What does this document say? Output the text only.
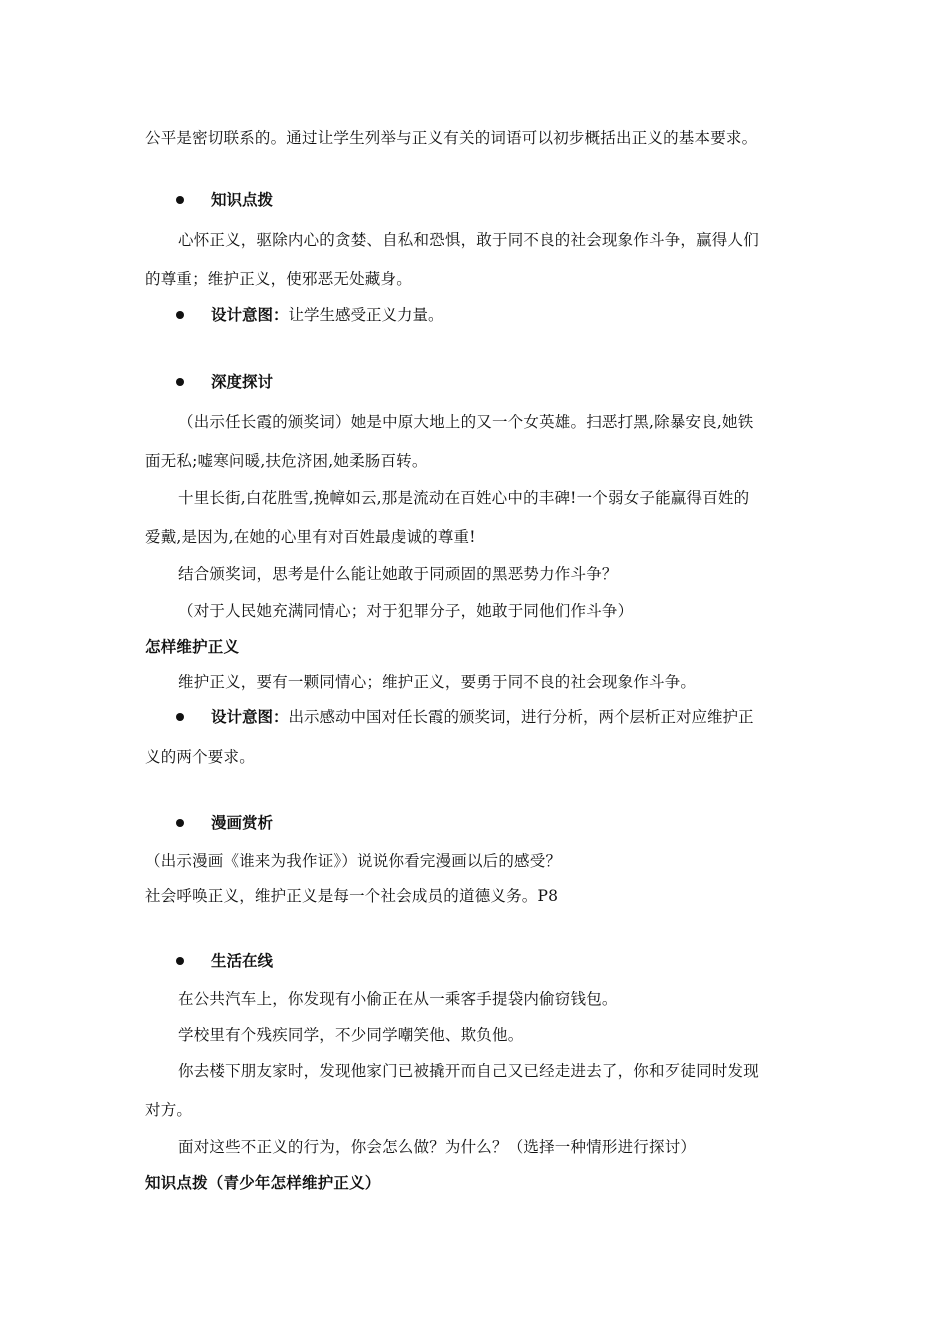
公平是密切联系的。通过让学生列举与正义有关的词语可以初步概括出正义的基本要求。
知识点拨
心怀正义，驱除内心的贪婪、自私和恐惧，敢于同不良的社会现象作斗争，赢得人们
的尊重；维护正义，使邪恶无处藏身。
设计意图：让学生感受正义力量。
深度探讨
（出示任长霞的颁奖词）她是中原大地上的又一个女英雄。扫恶打黑,除暴安良,她铁
面无私;嘘寒问暖,扶危济困,她柔肠百转。
十里长街,白花胜雪,挽幛如云,那是流动在百姓心中的丰碑!一个弱女子能赢得百姓的
爱戴,是因为,在她的心里有对百姓最虔诚的尊重!
结合颁奖词，思考是什么能让她敢于同顽固的黑恶势力作斗争？
（对于人民她充满同情心；对于犯罪分子，她敢于同他们作斗争）
怎样维护正义
维护正义，要有一颗同情心；维护正义，要勇于同不良的社会现象作斗争。
设计意图：出示感动中国对任长霞的颁奖词，进行分析，两个层析正对应维护正
义的两个要求。
漫画赏析
（出示漫画《谁来为我作证》）说说你看完漫画以后的感受？
社会呼唤正义，维护正义是每一个社会成员的道德义务。P8
生活在线
在公共汽车上，你发现有小偷正在从一乘客手提袋内偷窃钱包。
学校里有个残疾同学，不少同学嘲笑他、欺负他。
你去楼下朋友家时，发现他家门已被撬开而自己又已经走进去了，你和歹徒同时发现
对方。
面对这些不正义的行为，你会怎么做？为什么？（选择一种情形进行探讨）
知识点拨（青少年怎样维护正义）
